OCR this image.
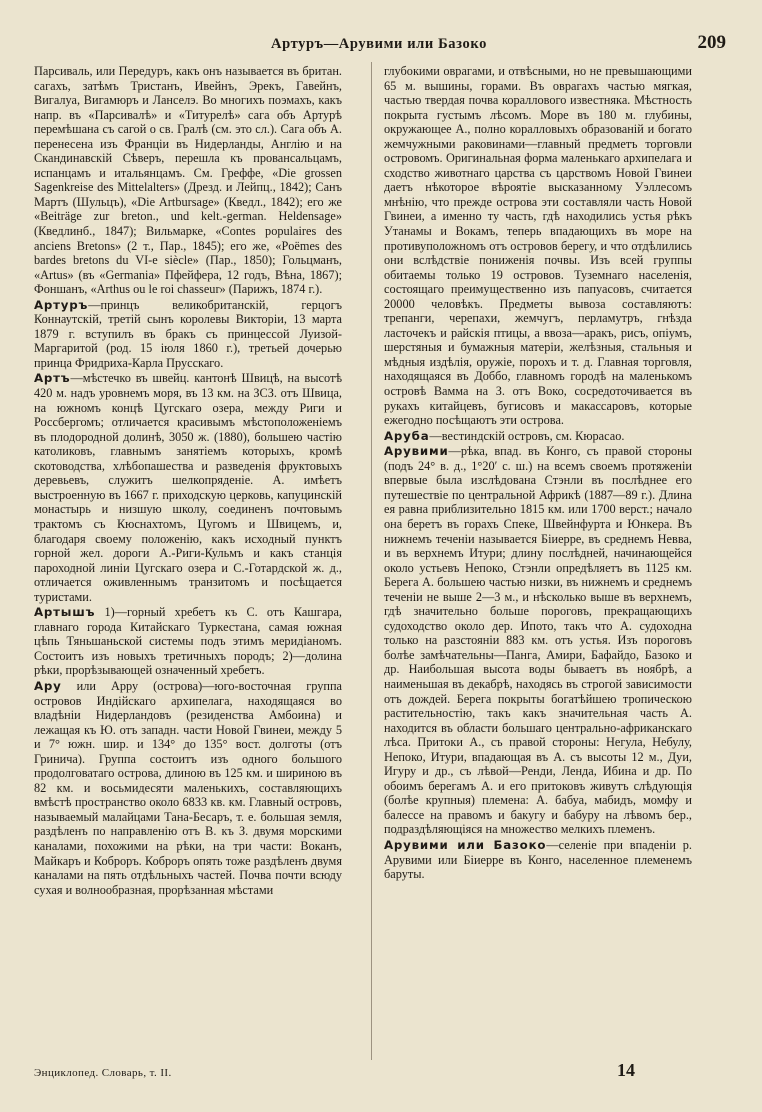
Артуръ—Арувими или Базоко	209

Парсиваль, или Передуръ, какъ онъ называется въ британ. сагахъ, затѣмъ Тристанъ, Ивейнъ, Эрекъ, Гавейнъ, Вигалуа, Вигамюръ и Ланселэ. Во многихъ поэмахъ, какъ напр. въ «Парсивалѣ» и «Титурелѣ» сага объ Артурѣ перемѣшана съ сагой о св. Гралѣ (см. это сл.). Сага объ А. перенесена изъ Франціи въ Нидерланды, Англію и на Скандинавскій Сѣверъ, перешла къ провансальцамъ, испанцамъ и итальянцамъ. См. Греффе, «Die grossen Sagenkreise des Mittelalters» (Дрезд. и Лейпц., 1842); Санъ Мартъ (Шульцъ), «Die Artbursage» (Кведл., 1842); его же «Beiträge zur breton., und kelt.-german. Heldensage» (Кведлинб., 1847); Вильмарке, «Contes populaires des anciens Bretons» (2 т., Пар., 1845); его же, «Poëmes des bardes bretons du VI-e siècle» (Пар., 1850); Гольцманъ, «Artus» (въ «Germania» Пфейфера, 12 годъ, Вѣна, 1867); Фоншанъ, «Arthus ou le roi chasseur» (Парижъ, 1874 г.).

Артуръ—принцъ великобританскій, герцогъ Коннаутскій, третій сынъ королевы Викторіи, 13 марта 1879 г. вступилъ въ бракъ съ принцессой Луизой-Маргаритой (род. 15 іюля 1860 г.), третьей дочерью принца Фридриха-Карла Прусскаго.

Артъ—мѣстечко въ швейц. кантонѣ Швицѣ, на высотѣ 420 м. надъ уровнемъ моря, въ 13 км. на ЗСЗ. отъ Швица, на южномъ концѣ Цугскаго озера, между Риги и Россбергомъ; отличается красивымъ мѣстоположеніемъ въ плодородной долинѣ, 3050 ж. (1880), большею частію католиковъ, главнымъ занятіемъ которыхъ, кромѣ скотоводства, хлѣбопашества и разведенія фруктовыхъ деревьевъ, служитъ шелкопряденіе. А. имѣетъ выстроенную въ 1667 г. приходскую церковь, капуцинскій монастырь и низшую школу, соединенъ почтовымъ трактомъ съ Кюснахтомъ, Цугомъ и Швицемъ, и, благодаря своему положенію, какъ исходный пунктъ горной жел. дороги А.-Риги-Кульмъ и какъ станція пароходной линіи Цугскаго озера и С.-Готардской ж. д., отличается оживленнымъ транзитомъ и посѣщается туристами.

Артышъ 1)—горный хребетъ къ С. отъ Кашгара, главнаго города Китайскаго Туркестана, самая южная цѣпь Тяньшаньской системы подъ этимъ меридіаномъ. Состоитъ изъ новыхъ третичныхъ породъ; 2)—долина рѣки, прорѣзывающей означенный хребетъ.

Ару или Арру (острова)—юго-восточная группа островов Индійскаго архипелага, находящаяся во владѣніи Нидерландовъ (резиденства Амбоина) и лежащая къ Ю. отъ западн. части Новой Гвинеи, между 5 и 7° южн. шир. и 134° до 135° вост. долготы (отъ Гринича). Группа состоитъ изъ одного большого продолговатаго острова, длиною въ 125 км. и шириною въ 82 км. и восьмидесяти маленькихъ, составляющихъ вмѣстѣ пространство около 6833 кв. км. Главный островъ, называемый малайцами Тана-Бесаръ, т. е. большая земля, раздѣленъ по направленію отъ В. къ З. двумя морскими каналами, похожими на рѣки, на три части: Воканъ, Майкаръ и Коброръ. Коброръ опять тоже раздѣленъ двумя каналами на пять отдѣльныхъ частей. Почва почти всюду сухая и волнообразная, прорѣзанная мѣстами

глубокими оврагами, и отвѣсными, но не превышающими 65 м. вышины, горами. Въ оврагахъ частью мягкая, частью твердая почва кораллового известняка. Мѣстность покрыта густымъ лѣсомъ. Море въ 180 м. глубины, окружающее А., полно коралловыхъ образованій и богато жемчужными раковинами—главный предметъ торговли островомъ. Оригинальная форма маленькаго архипелага и сходство животнаго царства съ царствомъ Новой Гвинеи даетъ нѣкоторое вѣроятіе высказанному Уэллесомъ мнѣнію, что прежде острова эти составляли часть Новой Гвинеи, а именно ту часть, гдѣ находились устья рѣкъ Утанамы и Вокамъ, теперь впадающихъ въ море на противуположномъ отъ островов берегу, и что отдѣлились они вслѣдствіе пониженія почвы. Изъ всей группы обитаемы только 19 островов. Туземнаго населенія, состоящаго преимущественно изъ папуасовъ, считается 20000 человѣкъ. Предметы вывоза составляютъ: трепанги, черепахи, жемчугъ, перламутръ, гнѣзда ласточекъ и райскія птицы, а ввоза—аракъ, рисъ, опіумъ, шерстяныя и бумажныя матеріи, желѣзныя, стальныя и мѣдныя издѣлія, оружіе, порохъ и т. д. Главная торговля, находящаяся въ Доббо, главномъ городѣ на маленькомъ островѣ Вамма на З. отъ Воко, сосредоточивается въ рукахъ китайцевъ, бугисовъ и макассаровъ, которые ежегодно посѣщаютъ эти острова.

Аруба—вестиндскій островъ, см. Кюрасао.

Арувими—рѣка, впад. въ Конго, съ правой стороны (подъ 24° в. д., 1°20′ с. ш.) на всемъ своемъ протяженіи впервые была изслѣдована Стэнли въ послѣднее его путешествіе по центральной Африкѣ (1887—89 г.). Длина ея равна приблизительно 1815 км. или 1700 верст.; начало она беретъ въ горахъ Спеке, Швейнфурта и Юнкера. Въ нижнемъ теченіи называется Біиерре, въ среднемъ Невва, и въ верхнемъ Итури; длину послѣдней, начинающейся около устьевъ Непоко, Стэнли опредѣляетъ въ 1125 км. Берега А. большею частью низки, въ нижнемъ и среднемъ теченіи не выше 2—3 м., и нѣсколько выше въ верхнемъ, гдѣ значительно больше пороговъ, прекращающихъ судоходство около дер. Ипото, такъ что А. судоходна только на разстояніи 883 км. отъ устья. Изъ пороговъ болѣе замѣчательны—Панга, Амири, Бафайдо, Базоко и др. Наибольшая высота воды бываетъ въ ноябрѣ, а наименьшая въ декабрѣ, находясь въ строгой зависимости отъ дождей. Берега покрыты богатѣйшею тропическою растительностію, такъ какъ значительная часть А. находится въ области большаго центрально-африканскаго лѣса. Притоки А., съ правой стороны: Негула, Небулу, Непоко, Итури, впадающая въ А. съ высоты 12 м., Дуи, Игуру и др., съ лѣвой—Ренди, Ленда, Ибина и др. По обоимъ берегамъ А. и его притоковъ живутъ слѣдующія (болѣе крупныя) племена: А. бабуа, мабидъ, момфу и балессе на правомъ и бакугу и бабуру на лѣвомъ бер., подраздѣляющіяся на множество мелкихъ племенъ.

Арувими или Базоко—селеніе при впаденіи р. Арувими или Біиерре въ Конго, населенное племенемъ баруты.

Энциклопед. Словарь, т. II.	14
